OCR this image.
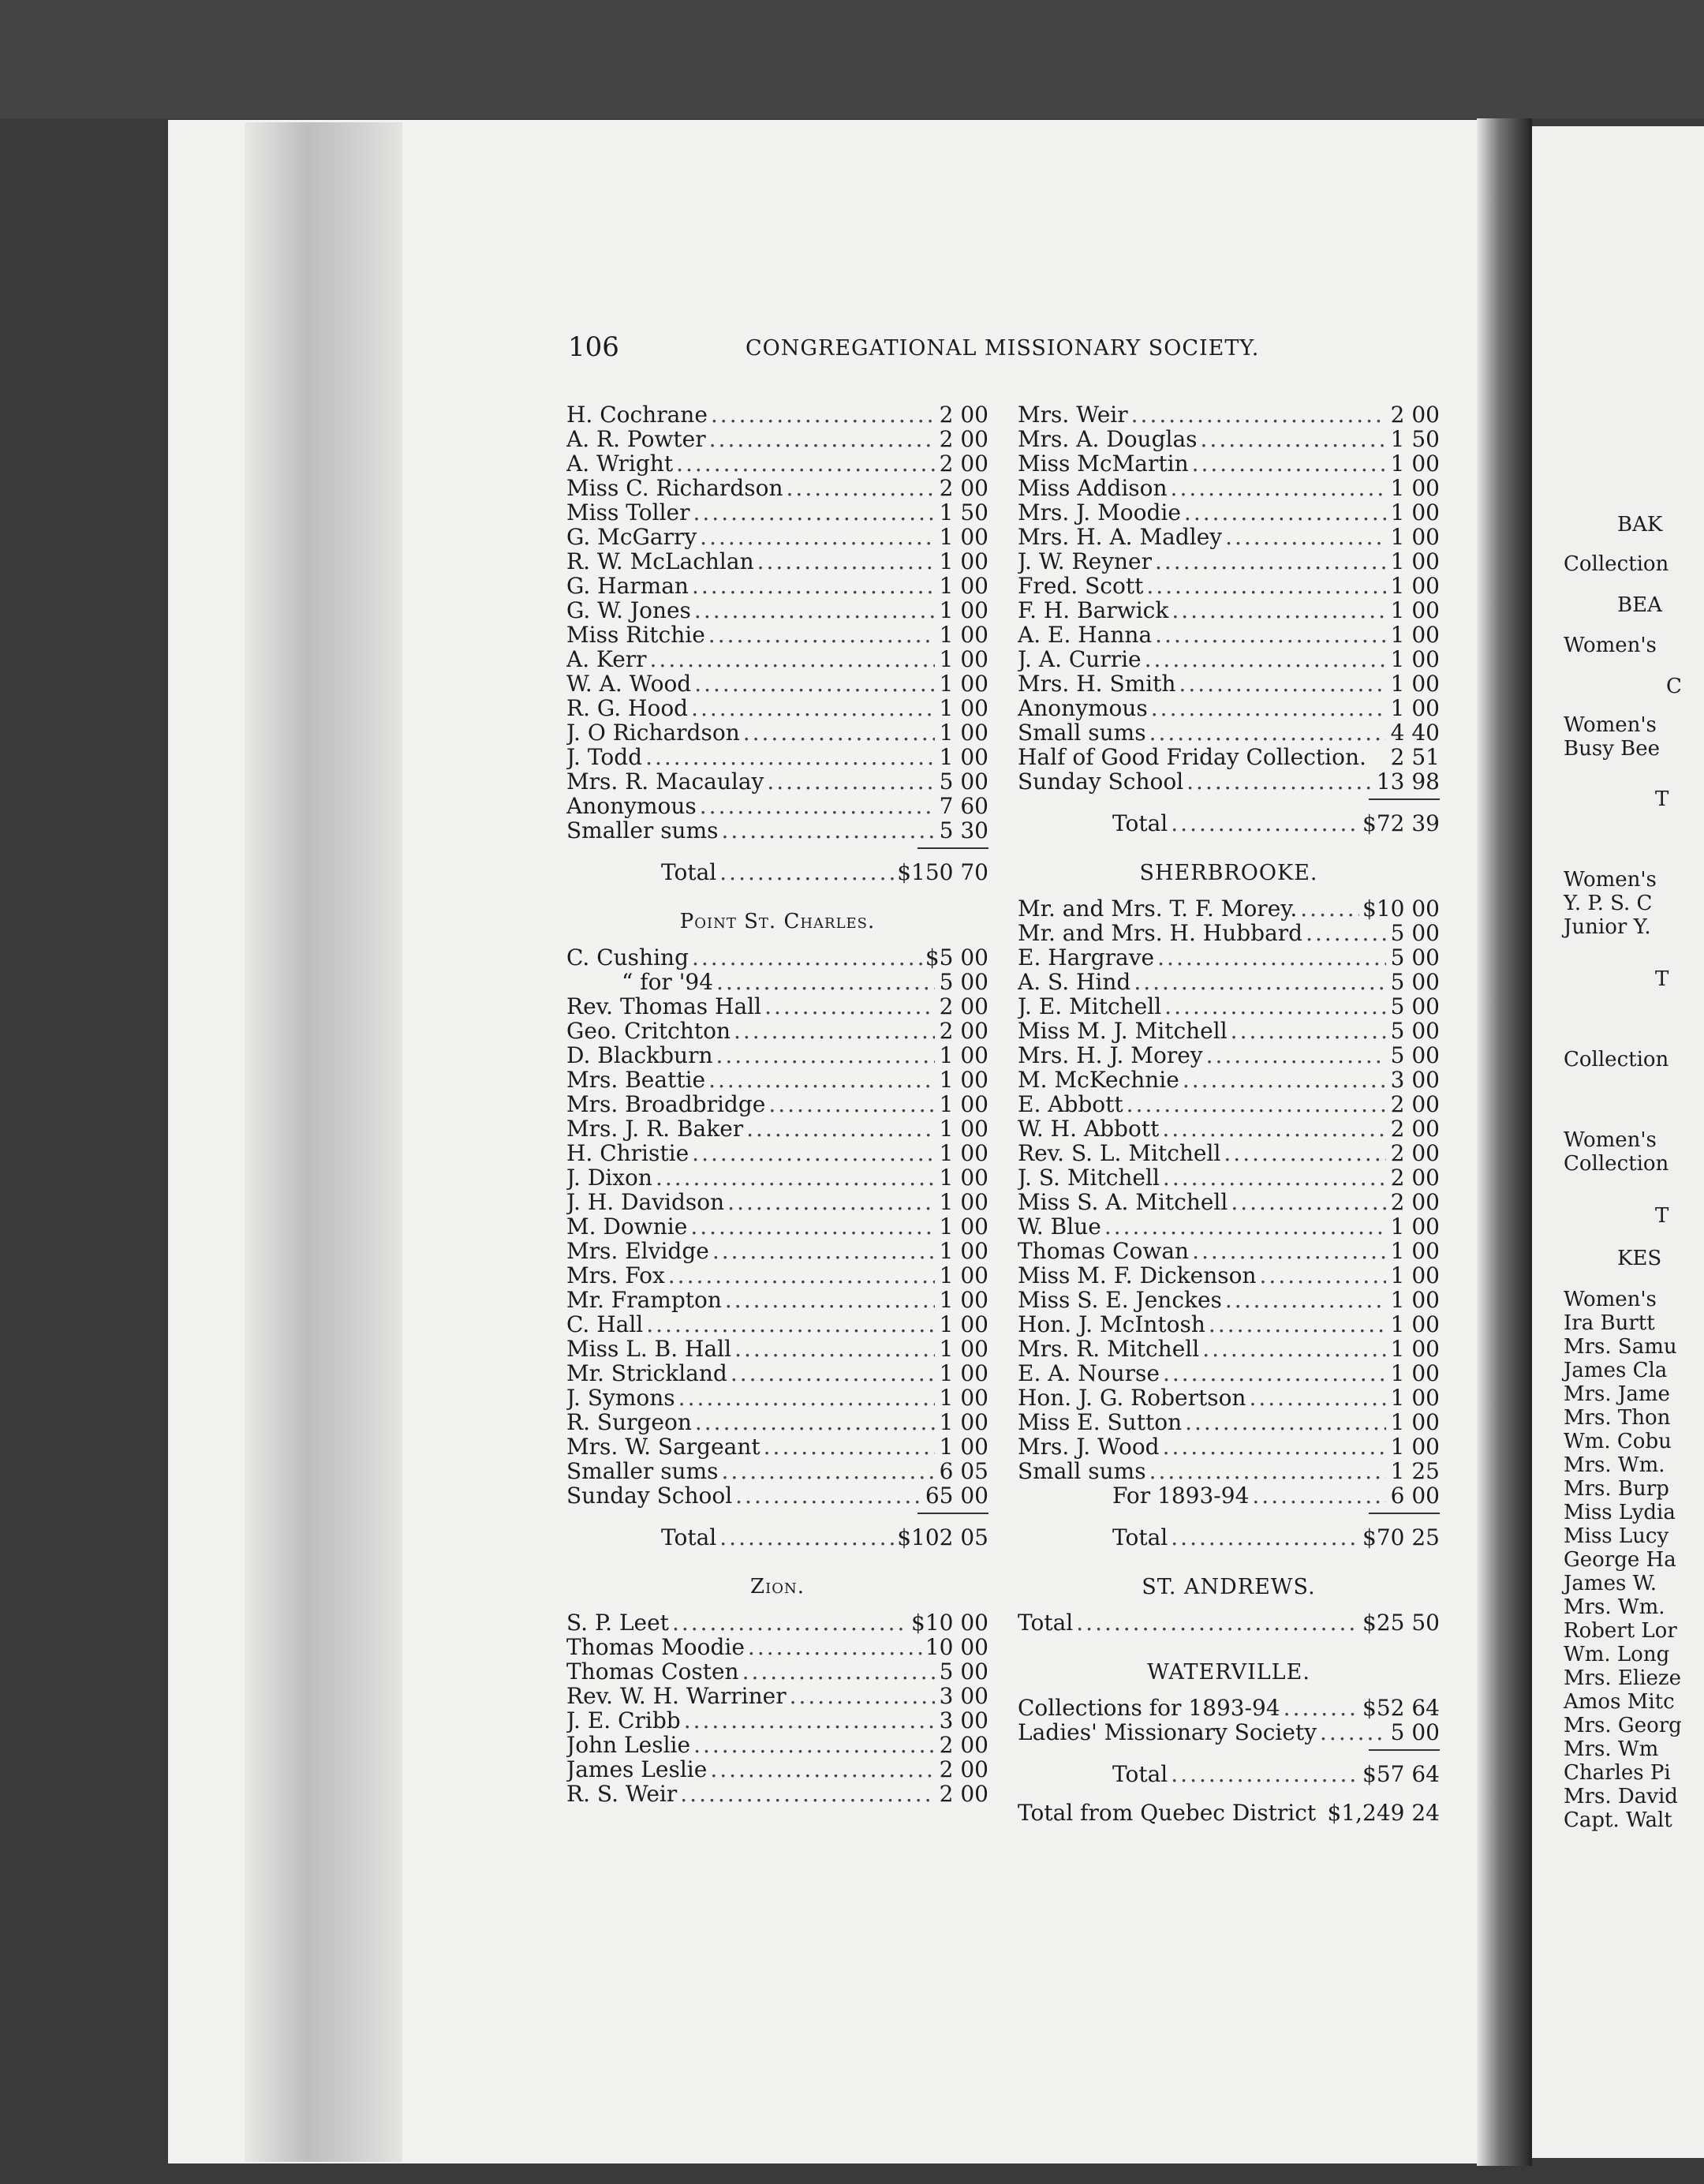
BAK
Collection
BEA
Women's
C
Women's
Busy Bee
T
Women's
Y. P. S. C
Junior Y.
T
Collection
Women's
Collection
T
KES
Women's
Ira Burtt
Mrs. Samu
James Cla
Mrs. Jame
Mrs. Thon
Wm. Cobu
Mrs. Wm.
Mrs. Burp
Miss Lydia
Miss Lucy
George Ha
James W.
Mrs. Wm.
Robert Lor
Wm. Long
Mrs. Elieze
Amos Mitc
Mrs. Georg
Mrs. Wm
Charles Pi
Mrs. David
Capt. Walt
106	CONGREGATIONAL MISSIONARY SOCIETY.
H. Cochrane .....	2 00
A. R. Powter .....	2 00
A. Wright .....	2 00
Miss C. Richardson .....	2 00
Miss Toller .....	1 50
G. McGarry .....	1 00
R. W. McLachlan .....	1 00
G. Harman .....	1 00
G. W. Jones .....	1 00
Miss Ritchie .....	1 00
A. Kerr .....	1 00
W. A. Wood .....	1 00
R. G. Hood .....	1 00
J. O Richardson .....	1 00
J. Todd .....	1 00
Mrs. R. Macaulay .....	5 00
Anonymous .....	7 60
Smaller sums .....	5 30
Total .....	$150 70
Point St. Charles.
C. Cushing .....	$5 00
“ for '94 .....	5 00
Rev. Thomas Hall .....	2 00
Geo. Critchton .....	2 00
D. Blackburn .....	1 00
Mrs. Beattie .....	1 00
Mrs. Broadbridge .....	1 00
Mrs. J. R. Baker .....	1 00
H. Christie .....	1 00
J. Dixon .....	1 00
J. H. Davidson .....	1 00
M. Downie .....	1 00
Mrs. Elvidge .....	1 00
Mrs. Fox .....	1 00
Mr. Frampton .....	1 00
C. Hall .....	1 00
Miss L. B. Hall .....	1 00
Mr. Strickland .....	1 00
J. Symons .....	1 00
R. Surgeon .....	1 00
Mrs. W. Sargeant .....	1 00
Smaller sums .....	6 05
Sunday School .....	65 00
Total .....	$102 05
Zion.
S. P. Leet .....	$10 00
Thomas Moodie .....	10 00
Thomas Costen .....	5 00
Rev. W. H. Warriner .....	3 00
J. E. Cribb .....	3 00
John Leslie .....	2 00
James Leslie .....	2 00
R. S. Weir .....	2 00
Mrs. Weir .....	2 00
Mrs. A. Douglas .....	1 50
Miss McMartin .....	1 00
Miss Addison .....	1 00
Mrs. J. Moodie .....	1 00
Mrs. H. A. Madley .....	1 00
J. W. Reyner .....	1 00
Fred. Scott .....	1 00
F. H. Barwick .....	1 00
A. E. Hanna .....	1 00
J. A. Currie .....	1 00
Mrs. H. Smith .....	1 00
Anonymous .....	1 00
Small sums .....	4 40
Half of Good Friday Collection. 2 51
Sunday School .....	13 98
Total .....	$72 39
SHERBROOKE.
Mr. and Mrs. T. F. Morey. .....	$10 00
Mr. and Mrs. H. Hubbard .....	5 00
E. Hargrave .....	5 00
A. S. Hind .....	5 00
J. E. Mitchell .....	5 00
Miss M. J. Mitchell .....	5 00
Mrs. H. J. Morey .....	5 00
M. McKechnie .....	3 00
E. Abbott .....	2 00
W. H. Abbott .....	2 00
Rev. S. L. Mitchell .....	2 00
J. S. Mitchell .....	2 00
Miss S. A. Mitchell .....	2 00
W. Blue .....	1 00
Thomas Cowan .....	1 00
Miss M. F. Dickenson .....	1 00
Miss S. E. Jenckes .....	1 00
Hon. J. McIntosh .....	1 00
Mrs. R. Mitchell .....	1 00
E. A. Nourse .....	1 00
Hon. J. G. Robertson .....	1 00
Miss E. Sutton .....	1 00
Mrs. J. Wood .....	1 00
Small sums .....	1 25
For 1893-94 .....	6 00
Total .....	$70 25
ST. ANDREWS.
Total .....	$25 50
WATERVILLE.
Collections for 1893-94 .....	$52 64
Ladies' Missionary Society .....	5 00
Total .....	$57 64
Total from Quebec District $1,249 24
